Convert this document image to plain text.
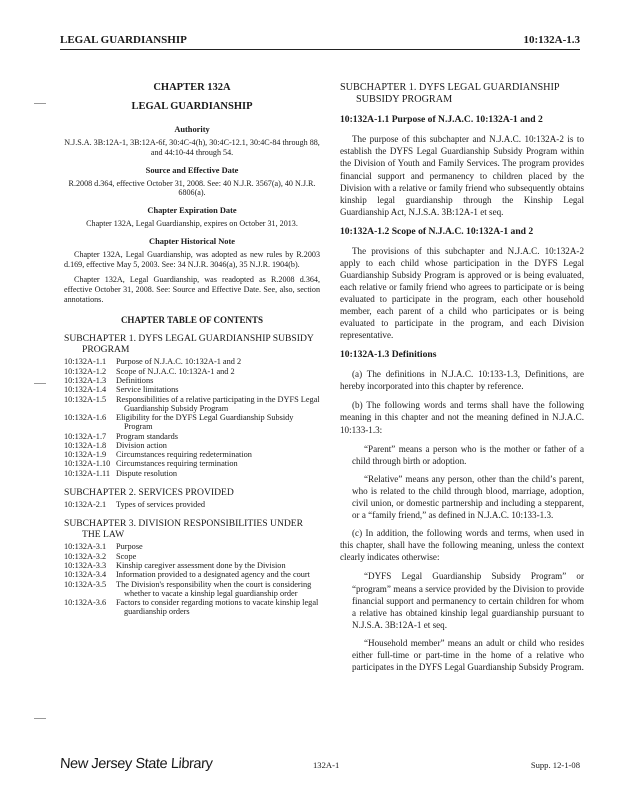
LEGAL GUARDIANSHIP	10:132A-1.3
CHAPTER 132A
LEGAL GUARDIANSHIP
Authority
N.J.S.A. 3B:12A-1, 3B:12A-6f, 30:4C-4(h), 30:4C-12.1, 30:4C-84 through 88, and 44:10-44 through 54.
Source and Effective Date
R.2008 d.364, effective October 31, 2008. See: 40 N.J.R. 3567(a), 40 N.J.R. 6806(a).
Chapter Expiration Date
Chapter 132A, Legal Guardianship, expires on October 31, 2013.
Chapter Historical Note
Chapter 132A, Legal Guardianship, was adopted as new rules by R.2003 d.169, effective May 5, 2003. See: 34 N.J.R. 3046(a), 35 N.J.R. 1904(b).
Chapter 132A, Legal Guardianship, was readopted as R.2008 d.364, effective October 31, 2008. See: Source and Effective Date. See, also, section annotations.
CHAPTER TABLE OF CONTENTS
SUBCHAPTER 1. DYFS LEGAL GUARDIANSHIP SUBSIDY PROGRAM
10:132A-1.1	Purpose of N.J.A.C. 10:132A-1 and 2
10:132A-1.2	Scope of N.J.A.C. 10:132A-1 and 2
10:132A-1.3	Definitions
10:132A-1.4	Service limitations
10:132A-1.5	Responsibilities of a relative participating in the DYFS Legal Guardianship Subsidy Program
10:132A-1.6	Eligibility for the DYFS Legal Guardianship Subsidy Program
10:132A-1.7	Program standards
10:132A-1.8	Division action
10:132A-1.9	Circumstances requiring redetermination
10:132A-1.10 Circumstances requiring termination
10:132A-1.11 Dispute resolution
SUBCHAPTER 2. SERVICES PROVIDED
10:132A-2.1	Types of services provided
SUBCHAPTER 3. DIVISION RESPONSIBILITIES UNDER THE LAW
10:132A-3.1	Purpose
10:132A-3.2	Scope
10:132A-3.3	Kinship caregiver assessment done by the Division
10:132A-3.4	Information provided to a designated agency and the court
10:132A-3.5	The Division's responsibility when the court is considering whether to vacate a kinship legal guardianship order
10:132A-3.6	Factors to consider regarding motions to vacate kinship legal guardianship orders
SUBCHAPTER 1. DYFS LEGAL GUARDIANSHIP SUBSIDY PROGRAM
10:132A-1.1 Purpose of N.J.A.C. 10:132A-1 and 2

The purpose of this subchapter and N.J.A.C. 10:132A-2 is to establish the DYFS Legal Guardianship Subsidy Program within the Division of Youth and Family Services. The program provides financial support and permanency to children placed by the Division with a relative or family friend who subsequently obtains kinship legal guardianship through the Kinship Legal Guardianship Act, N.J.S.A. 3B:12A-1 et seq.

10:132A-1.2 Scope of N.J.A.C. 10:132A-1 and 2

The provisions of this subchapter and N.J.A.C. 10:132A-2 apply to each child whose participation in the DYFS Legal Guardianship Subsidy Program is approved or is being evaluated, each relative or family friend who agrees to participate or is being evaluated to participate in the program, each other household member, each parent of a child who participates or is being evaluated to participate in the program, and each Division representative.

10:132A-1.3 Definitions

(a) The definitions in N.J.A.C. 10:133-1.3, Definitions, are hereby incorporated into this chapter by reference.

(b) The following words and terms shall have the following meaning in this chapter and not the meaning defined in N.J.A.C. 10:133-1.3:

“Parent” means a person who is the mother or father of a child through birth or adoption.

“Relative” means any person, other than the child’s parent, who is related to the child through blood, marriage, adoption, civil union, or domestic partnership and including a stepparent, or a “family friend,” as defined in N.J.A.C. 10:133-1.3.

(c) In addition, the following words and terms, when used in this chapter, shall have the following meaning, unless the context clearly indicates otherwise:

“DYFS Legal Guardianship Subsidy Program” or “program” means a service provided by the Division to provide financial support and permanency to certain children for whom a relative has obtained kinship legal guardianship pursuant to N.J.S.A. 3B:12A-1 et seq.

“Household member” means an adult or child who resides either full-time or part-time in the home of a relative who participates in the DYFS Legal Guardianship Subsidy Program.

New Jersey State Library	132A-1	Supp. 12-1-08
